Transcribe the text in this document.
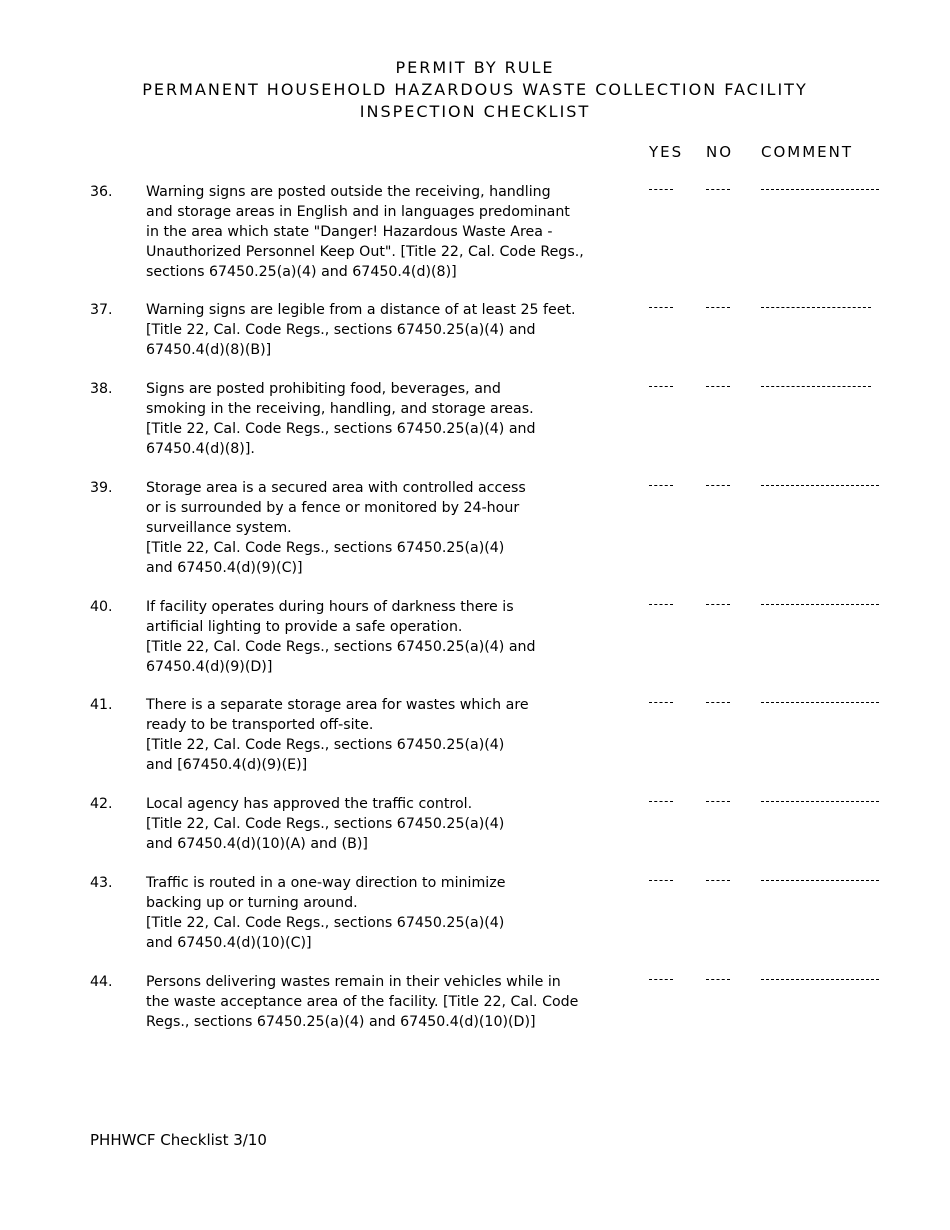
PERMIT BY RULE
PERMANENT HOUSEHOLD HAZARDOUS WASTE COLLECTION FACILITY
INSPECTION CHECKLIST
YES NO COMMENT
36. Warning signs are posted outside the receiving, handling
and storage areas in English and in languages predominant
in the area which state "Danger! Hazardous Waste Area -
Unauthorized Personnel Keep Out". [Title 22, Cal. Code Regs.,
sections 67450.25(a)(4) and 67450.4(d)(8)]
37. Warning signs are legible from a distance of at least 25 feet.
[Title 22, Cal. Code Regs., sections 67450.25(a)(4) and
67450.4(d)(8)(B)]
38. Signs are posted prohibiting food, beverages, and
smoking in the receiving, handling, and storage areas.
[Title 22, Cal. Code Regs., sections 67450.25(a)(4) and
67450.4(d)(8)].
39. Storage area is a secured area with controlled access
or is surrounded by a fence or monitored by 24-hour
surveillance system.
[Title 22, Cal. Code Regs., sections 67450.25(a)(4)
and 67450.4(d)(9)(C)]
40. If facility operates during hours of darkness there is
artificial lighting to provide a safe operation.
[Title 22, Cal. Code Regs., sections 67450.25(a)(4) and
67450.4(d)(9)(D)]
41. There is a separate storage area for wastes which are
ready to be transported off-site.
[Title 22, Cal. Code Regs., sections 67450.25(a)(4)
and [67450.4(d)(9)(E)]
42. Local agency has approved the traffic control.
[Title 22, Cal. Code Regs., sections 67450.25(a)(4)
and 67450.4(d)(10)(A) and (B)]
43. Traffic is routed in a one-way direction to minimize
backing up or turning around.
[Title 22, Cal. Code Regs., sections 67450.25(a)(4)
and 67450.4(d)(10)(C)]
44. Persons delivering wastes remain in their vehicles while in
the waste acceptance area of the facility. [Title 22, Cal. Code
Regs., sections 67450.25(a)(4) and 67450.4(d)(10)(D)]
PHHWCF Checklist 3/10
